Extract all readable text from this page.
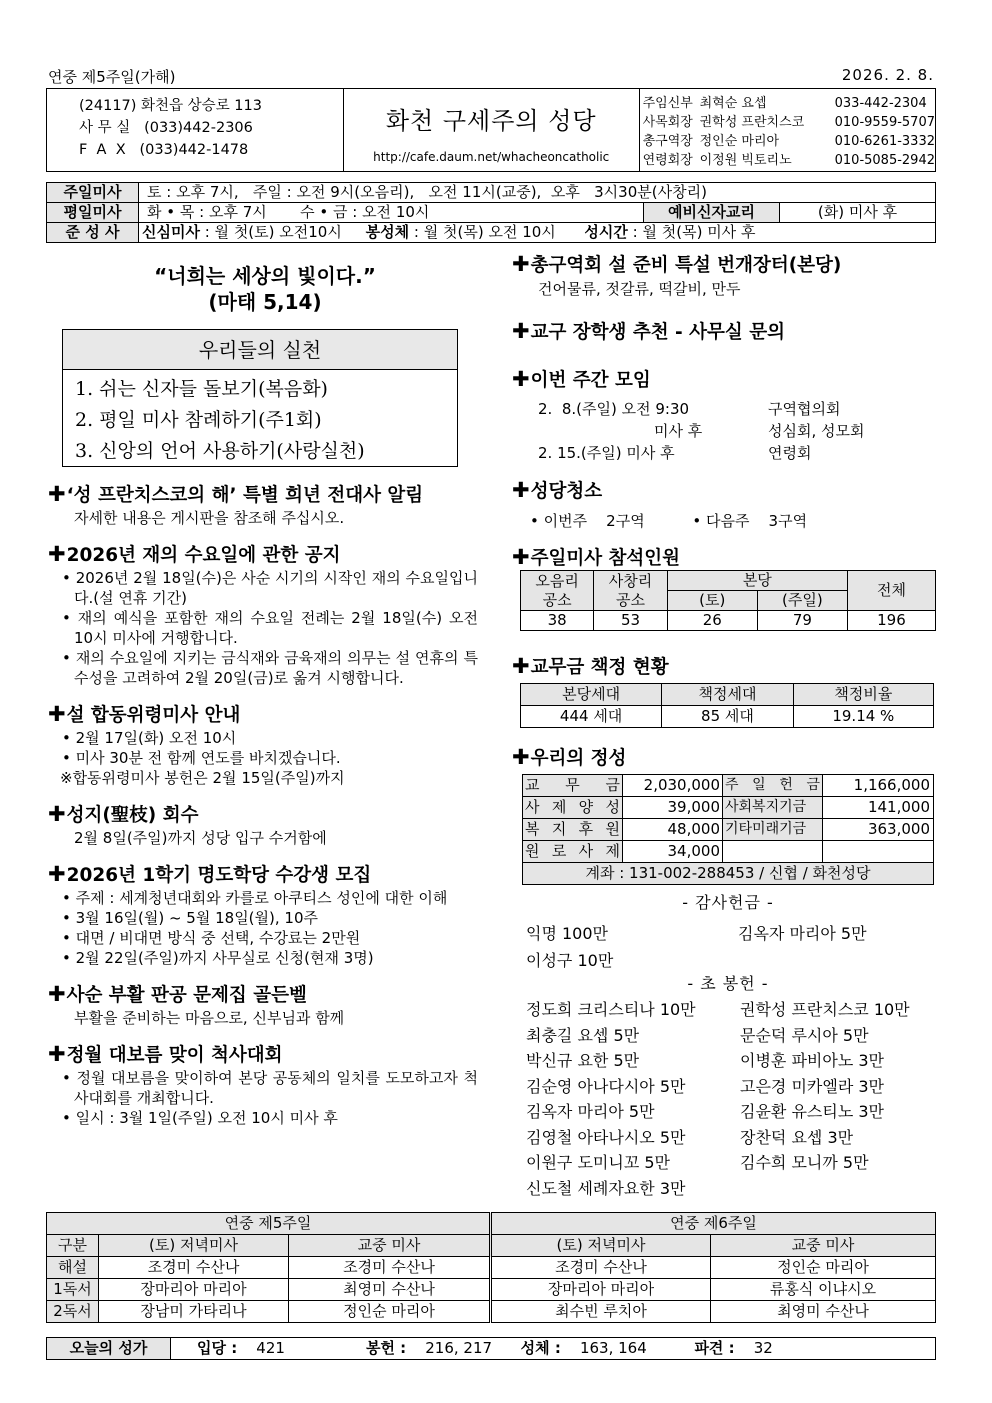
연중 제5주일(가해)	2026. 2. 8.
(24117) 화천읍 상승로 113
사 무 실   (033)442-2306
F  A  X   (033)442-1478
화천 구세주의 성당
http://cafe.daum.net/whacheoncatholic
주임신부 최혁순 요셉	033-442-2304
사목회장 권학성 프란치스코	010-9559-5707
총구역장 정인순 마리아	010-6261-3332
연령회장 이정원 빅토리노	010-5085-2942
주일미사	토 : 오후 7시,   주일 : 오전 9시(오음리),   오전 11시(교중),  오후   3시30분(사창리)		
평일미사	화 • 목 : 오후 7시       수 • 금 : 오전 10시	예비신자교리	(화) 미사 후
준 성 사	신심미사 : 월 첫(토) 오전10시 봉성체 : 월 첫(목) 오전 10시 성시간 : 월 첫(목) 미사 후		
“너희는 세상의 빛이다.”
(마태 5,14)
우리들의 실천
1. 쉬는 신자들 돌보기(복음화)
2. 평일 미사 참례하기(주1회)
3. 신앙의 언어 사용하기(사랑실천)
✚‘성 프란치스코의 해’ 특별 희년 전대사 알림
자세한 내용은 게시판을 참조해 주십시오.
✚2026년 재의 수요일에 관한 공지
• 2026년 2월 18일(수)은 사순 시기의 시작인 재의 수요일입니다.(설 연휴 기간)
• 재의 예식을 포함한 재의 수요일 전례는 2월 18일(수) 오전 10시 미사에 거행합니다.
• 재의 수요일에 지키는 금식재와 금육재의 의무는 설 연휴의 특수성을 고려하여 2월 20일(금)로 옮겨 시행합니다.
✚설 합동위령미사 안내
• 2월 17일(화) 오전 10시
• 미사 30분 전 함께 연도를 바치겠습니다.
※합동위령미사 봉헌은 2월 15일(주일)까지
✚성지(聖枝) 회수
2월 8일(주일)까지 성당 입구 수거함에
✚2026년 1학기 명도학당 수강생 모집
• 주제 : 세계청년대회와 카를로 아쿠티스 성인에 대한 이해
• 3월 16일(월) ~ 5월 18일(월), 10주
• 대면 / 비대면 방식 중 선택, 수강료는 2만원
• 2월 22일(주일)까지 사무실로 신청(현재 3명)
✚사순 부활 판공 문제집 골든벨
부활을 준비하는 마음으로, 신부님과 함께
✚정월 대보름 맞이 척사대회
• 정월 대보름을 맞이하여 본당 공동체의 일치를 도모하고자 척사대회를 개최합니다.
• 일시 : 3월 1일(주일) 오전 10시 미사 후
✚총구역회 설 준비 특설 번개장터(본당)
건어물류, 젓갈류, 떡갈비, 만두
✚교구 장학생 추천 - 사무실 문의
✚이번 주간 모임
2.  8.(주일) 오전 9:30	구역협의회
미사 후	성심회, 성모회
2. 15.(주일) 미사 후	연령회
✚성당청소
• 이번주    2구역	• 다음주    3구역
✚주일미사 참석인원
오음리
공소	사창리
공소	본당		전체
		(토)	(주일)	
38	53	26	79	196
✚교무금 책정 현황
본당세대	책정세대	책정비율
444 세대	85 세대	19.14 %
✚우리의 정성
교 무 금	2,030,000	주 일 헌 금	1,166,000
사 제 양 성	39,000	사회복지기금	141,000
복 지 후 원	48,000	기타미래기금	363,000
원 로 사 제	34,000		
계좌 : 131-002-288453 / 신협 / 화천성당			
- 감사헌금 -
익명 100만	김옥자 마리아 5만
이성구 10만
- 초 봉헌 -
정도희 크리스티나 10만	권학성 프란치스코 10만
최충길 요셉 5만	문순덕 루시아 5만
박신규 요한 5만	이병훈 파비아노 3만
김순영 아나다시아 5만	고은경 미카엘라 3만
김옥자 마리아 5만	김윤환 유스티노 3만
김영철 아타나시오 5만	장찬덕 요셉 3만
이원구 도미니꼬 5만	김수희 모니까 5만
신도철 세례자요한 3만
연중 제5주일			연중 제6주일	
구분	(토) 저녁미사	교중 미사	(토) 저녁미사	교중 미사
해설	조경미 수산나	조경미 수산나	조경미 수산나	정인순 마리아
1독서	장마리아 마리아	최영미 수산나	장마리아 마리아	류홍식 이냐시오
2독서	장남미 가타리나	정인순 마리아	최수빈 루치아	최영미 수산나
오늘의 성가	입당 : 421	봉헌 : 216, 217 성체 : 163, 164	파견 : 32
